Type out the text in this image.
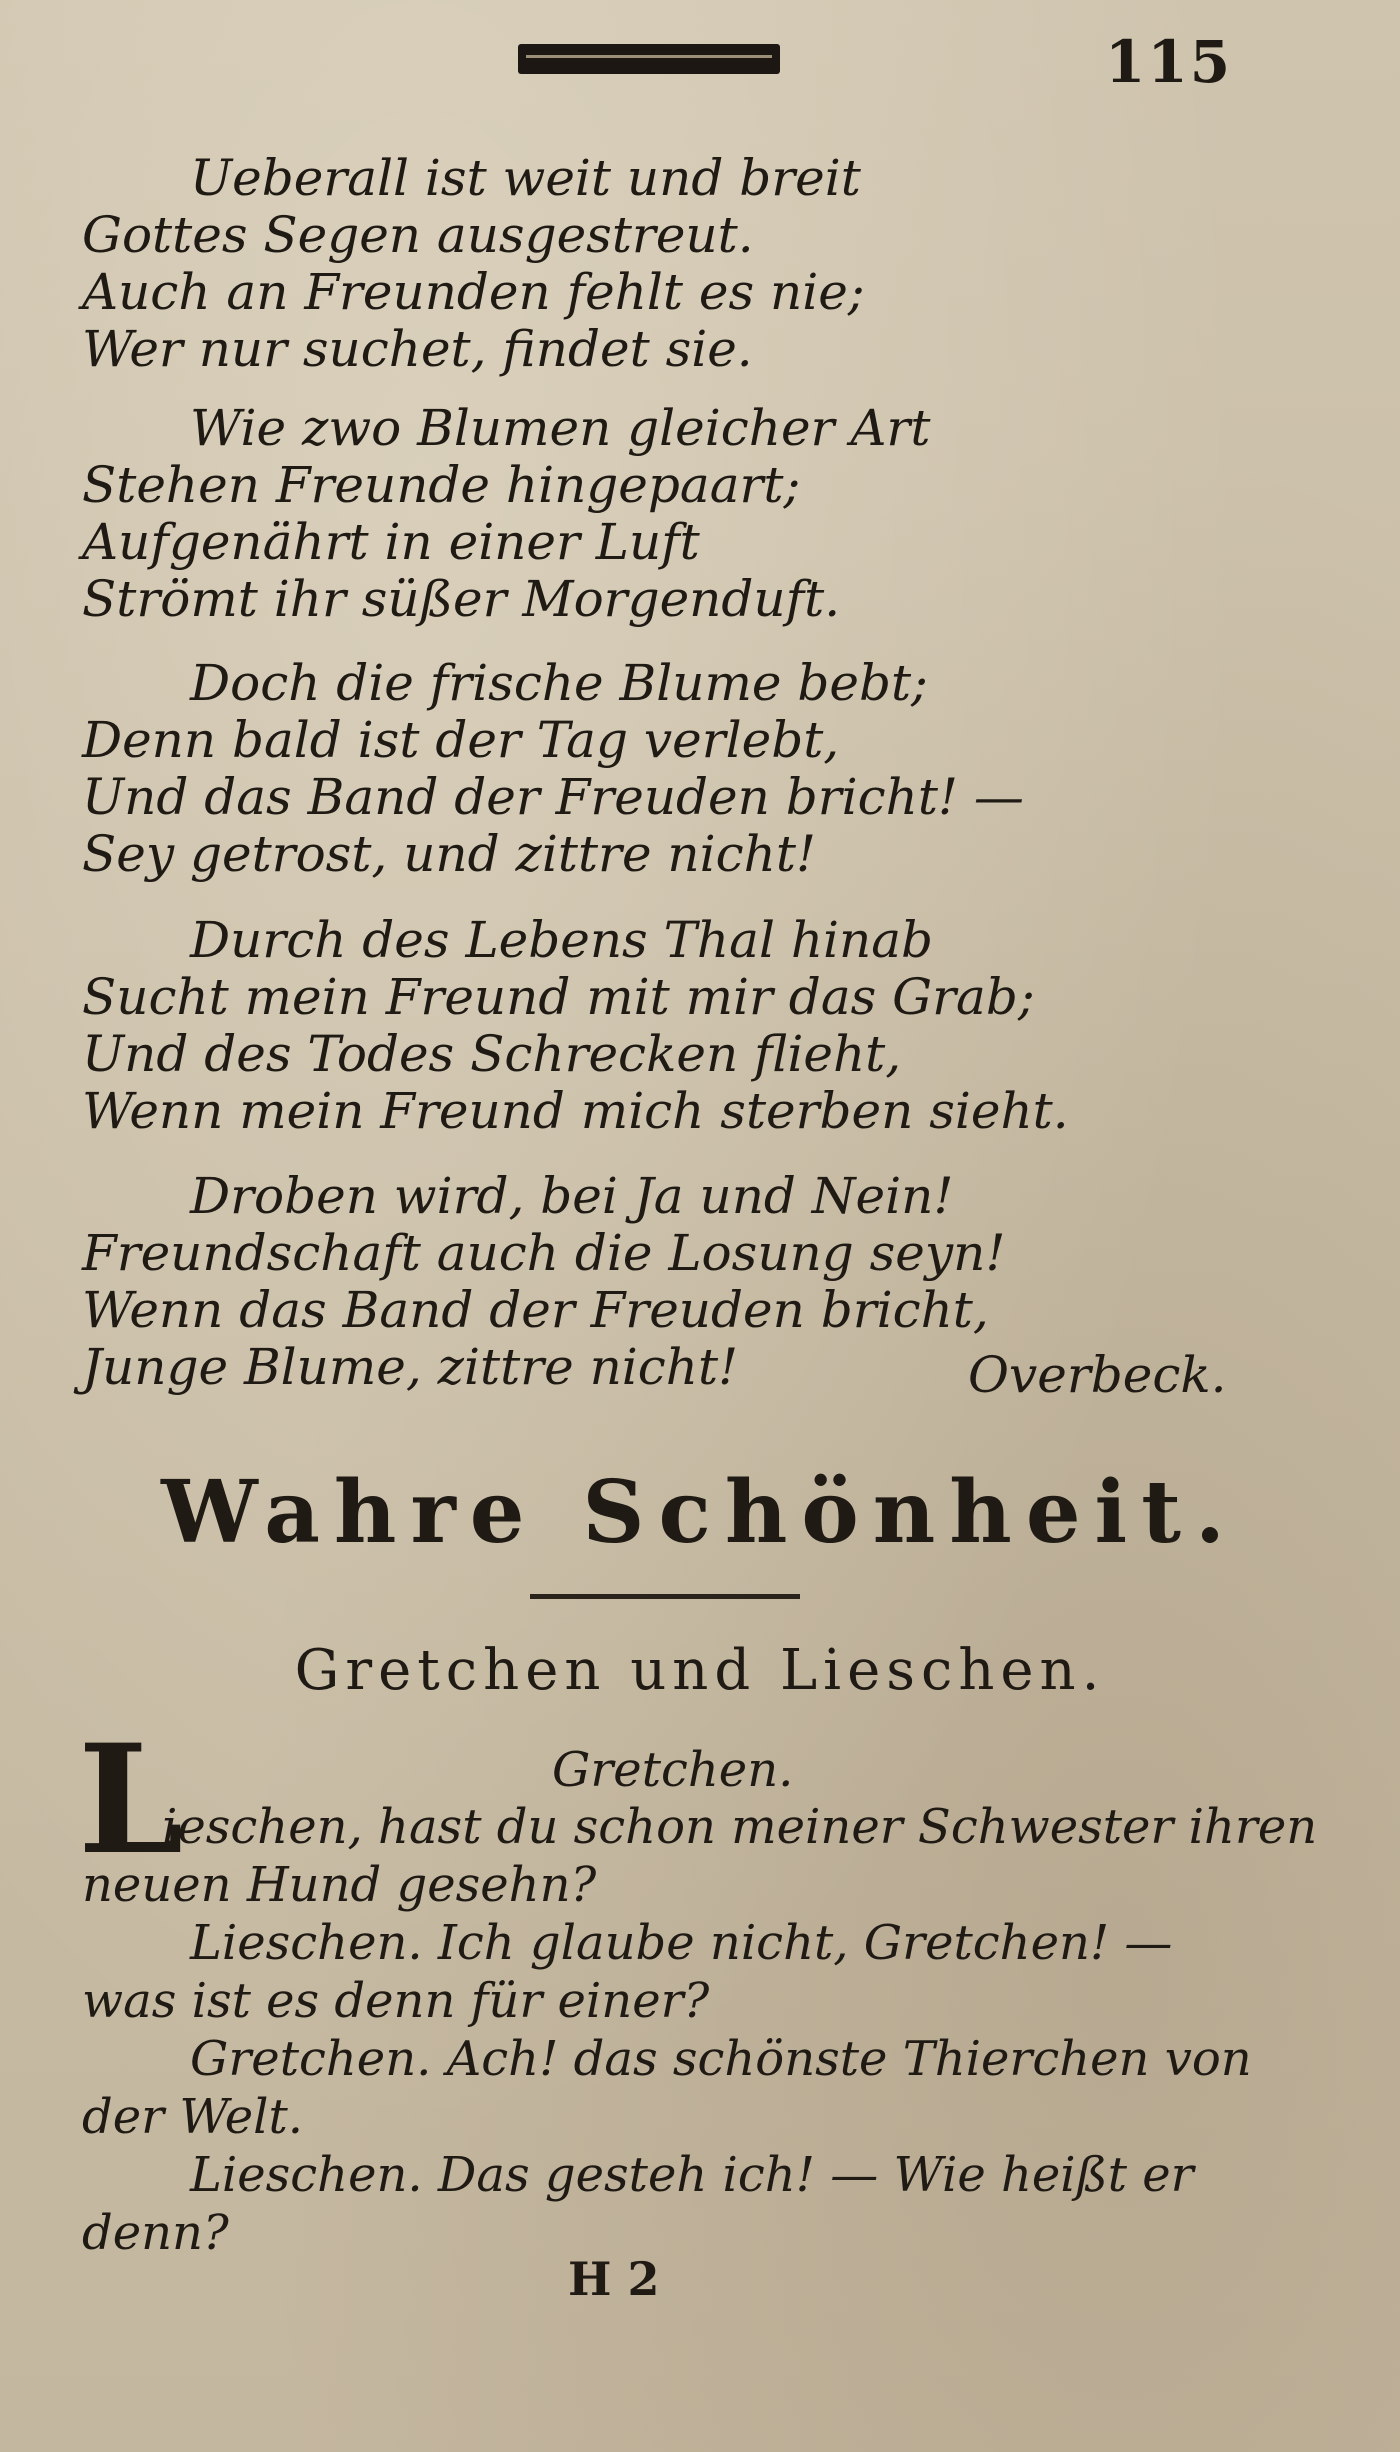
115
Ueberall ist weit und breit
Gottes Segen ausgestreut.
Auch an Freunden fehlt es nie;
Wer nur suchet, findet sie.
Wie zwo Blumen gleicher Art
Stehen Freunde hingepaart;
Aufgenährt in einer Luft
Strömt ihr süßer Morgenduft.
Doch die frische Blume bebt;
Denn bald ist der Tag verlebt,
Und das Band der Freuden bricht! —
Sey getrost, und zittre nicht!
Durch des Lebens Thal hinab
Sucht mein Freund mit mir das Grab;
Und des Todes Schrecken flieht,
Wenn mein Freund mich sterben sieht.
Droben wird, bei Ja und Nein!
Freundschaft auch die Losung seyn!
Wenn das Band der Freuden bricht,
Junge Blume, zittre nicht!	Overbeck.
Wahre Schönheit.
Gretchen und Lieschen.
L	Gretchen.
ieschen, hast du schon meiner Schwester ihren
neuen Hund gesehn?
Lieschen. Ich glaube nicht, Gretchen! —
was ist es denn für einer?
Gretchen. Ach! das schönste Thierchen von
der Welt.
Lieschen. Das gesteh ich! — Wie heißt er
denn?
H 2
